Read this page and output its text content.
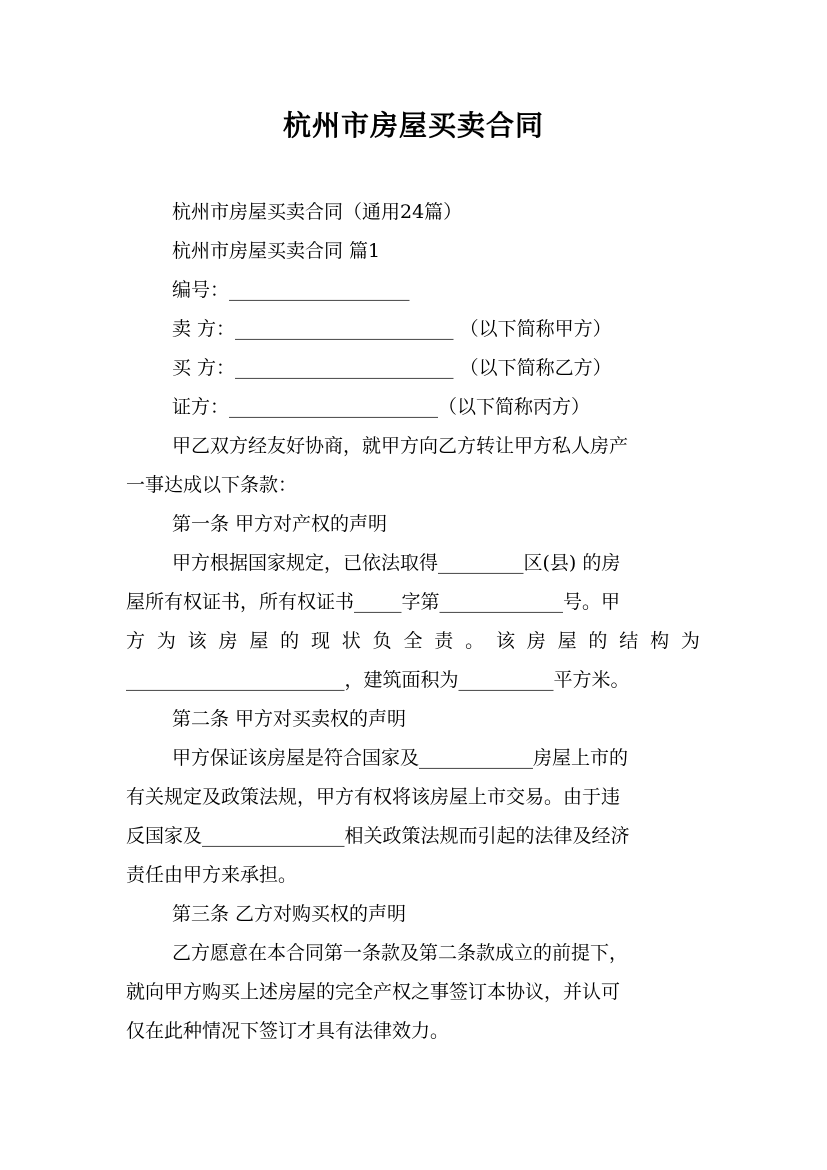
杭州市房屋买卖合同
杭州市房屋买卖合同（通用24篇）
杭州市房屋买卖合同 篇1
编号：___________________
卖 方：_______________________ （以下简称甲方）
买 方：_______________________ （以下简称乙方）
证方：______________________（以下简称丙方）
甲乙双方经友好协商，就甲方向乙方转让甲方私人房产
一事达成以下条款：
第一条 甲方对产权的声明
甲方根据国家规定，已依法取得_________区(县) 的房
屋所有权证书，所有权证书_____字第_____________号。甲
方 为 该 房 屋 的 现 状 负 全 责 。 该 房 屋 的 结 构 为
_______________________，建筑面积为__________平方米。
第二条 甲方对买卖权的声明
甲方保证该房屋是符合国家及____________房屋上市的
有关规定及政策法规，甲方有权将该房屋上市交易。由于违
反国家及_______________相关政策法规而引起的法律及经济
责任由甲方来承担。
第三条 乙方对购买权的声明
乙方愿意在本合同第一条款及第二条款成立的前提下，
就向甲方购买上述房屋的完全产权之事签订本协议，并认可
仅在此种情况下签订才具有法律效力。
